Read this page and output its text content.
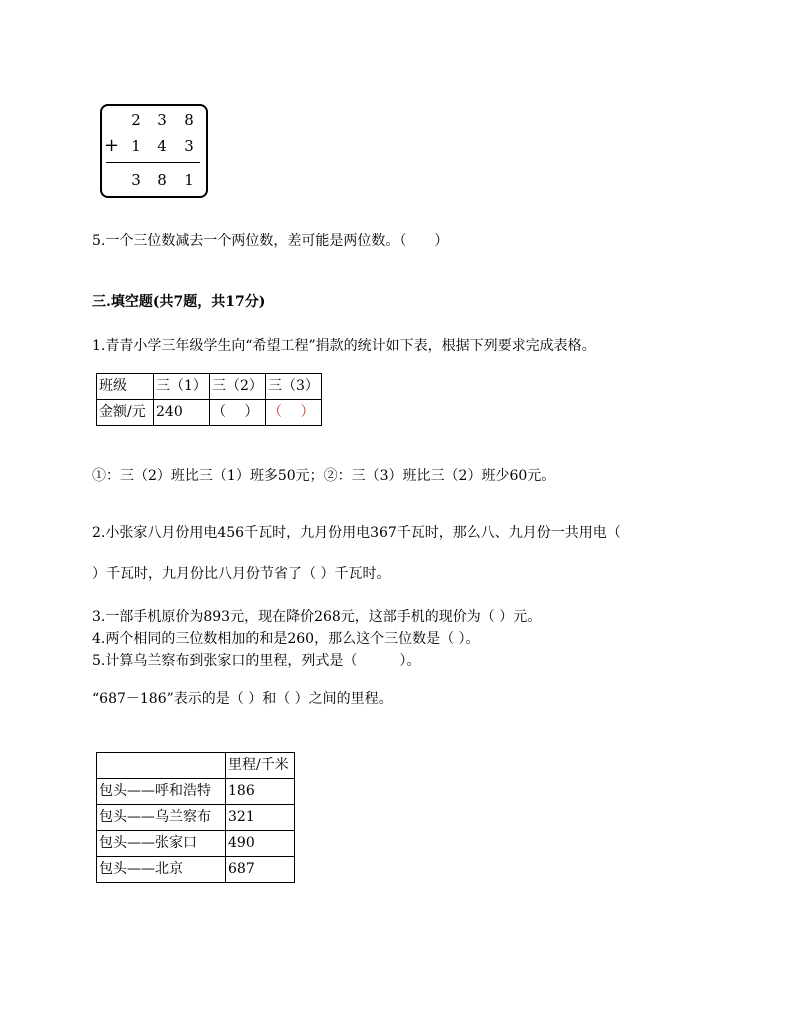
2 3 8
+ 1 4 3
3 8 1
5.一个三位数减去一个两位数，差可能是两位数。（　　）
三.填空题(共7题，共17分)
1.青青小学三年级学生向“希望工程”捐款的统计如下表，根据下列要求完成表格。
班级	三（1）	三（2）	三（3）
金额/元	240	（　 ）	（　 ）
①：三（2）班比三（1）班多50元；②：三（3）班比三（2）班少60元。
2.小张家八月份用电456千瓦时，九月份用电367千瓦时，那么八、九月份一共用电（
）千瓦时，九月份比八月份节省了（ ）千瓦时。
3.一部手机原价为893元，现在降价268元，这部手机的现价为（ ）元。
4.两个相同的三位数相加的和是260，那么这个三位数是（ ）。
5.计算乌兰察布到张家口的里程，列式是（　　　）。
“687－186”表示的是（ ）和（ ）之间的里程。
	里程/千米
包头——呼和浩特	186
包头——乌兰察布	321
包头——张家口	490
包头——北京	687
